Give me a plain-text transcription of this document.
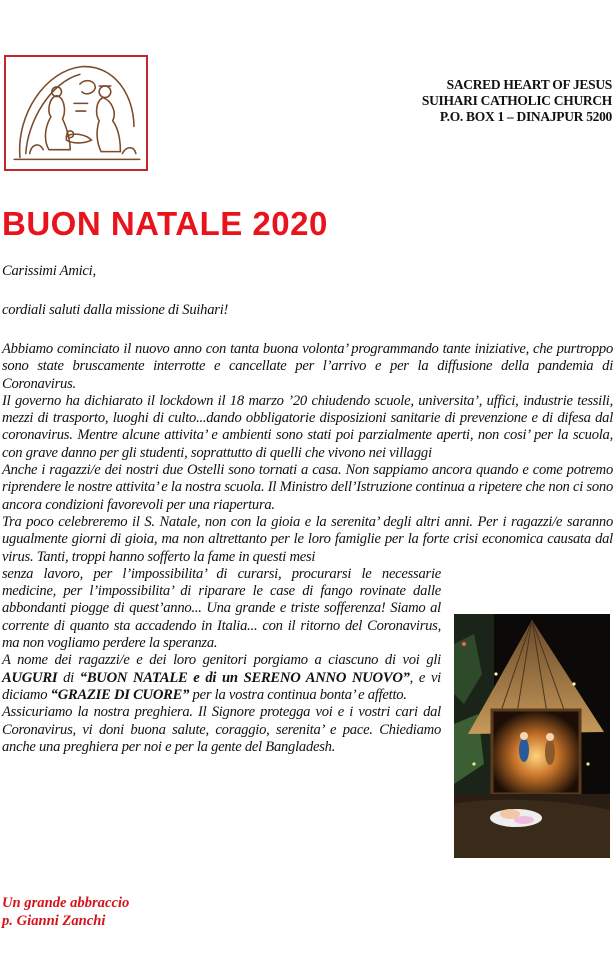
SACRED HEART OF JESUS
SUIHARI CATHOLIC CHURCH
P.O. BOX 1 – DINAJPUR 5200
BUON NATALE 2020
Carissimi Amici,
cordiali saluti dalla missione di Suihari!

Abbiamo cominciato il nuovo anno con tanta buona volonta’ programmando tante iniziative, che purtroppo sono state bruscamente interrotte e cancellate per l’arrivo e per la diffusione della pandemia di Coronavirus.

Il governo ha dichiarato il lockdown il 18 marzo ’20 chiudendo scuole, universita’, uffici, industrie tessili, mezzi di trasporto, luoghi di culto...dando obbligatorie disposizioni sanitarie di prevenzione e di difesa dal coronavirus. Mentre alcune attivita’ e ambienti sono stati poi parzialmente aperti, non cosi’ per la scuola, con grave danno per gli studenti, soprattutto di quelli che vivono nei villaggi

Anche i ragazzi/e dei nostri due Ostelli sono tornati a casa. Non sappiamo ancora quando e come potremo riprendere le nostre attivita’ e la nostra scuola. Il Ministro dell’Istruzione continua a ripetere che non ci sono ancora condizioni favorevoli per una riapertura.

Tra poco celebreremo il S. Natale, non con la gioia e la serenita’ degli altri anni. Per i ragazzi/e saranno ugualmente giorni di gioia, ma non altrettanto per le loro famiglie per la forte crisi economica causata dal virus. Tanti, troppi hanno sofferto la fame in questi mesi

senza lavoro, per l’impossibilita’ di curarsi, procurarsi le necessarie medicine, per l’impossibilita’ di riparare le case di fango rovinate dalle abbondanti piogge di quest’anno... Una grande e triste sofferenza! Siamo al corrente di quanto sta accadendo in Italia... con il ritorno del Coronavirus, ma non vogliamo perdere la speranza.

A nome dei ragazzi/e e dei loro genitori porgiamo a ciascuno di voi gli AUGURI di “BUON NATALE e di un SERENO ANNO NUOVO”, e vi diciamo “GRAZIE DI CUORE” per la vostra continua bonta’ e affetto.

Assicuriamo la nostra preghiera. Il Signore protegga voi e i vostri cari dal Coronavirus, vi doni buona salute, coraggio, serenita’ e pace. Chiediamo anche una preghiera per noi e per la gente del Bangladesh.

Un grande abbraccio
p. Gianni Zanchi
